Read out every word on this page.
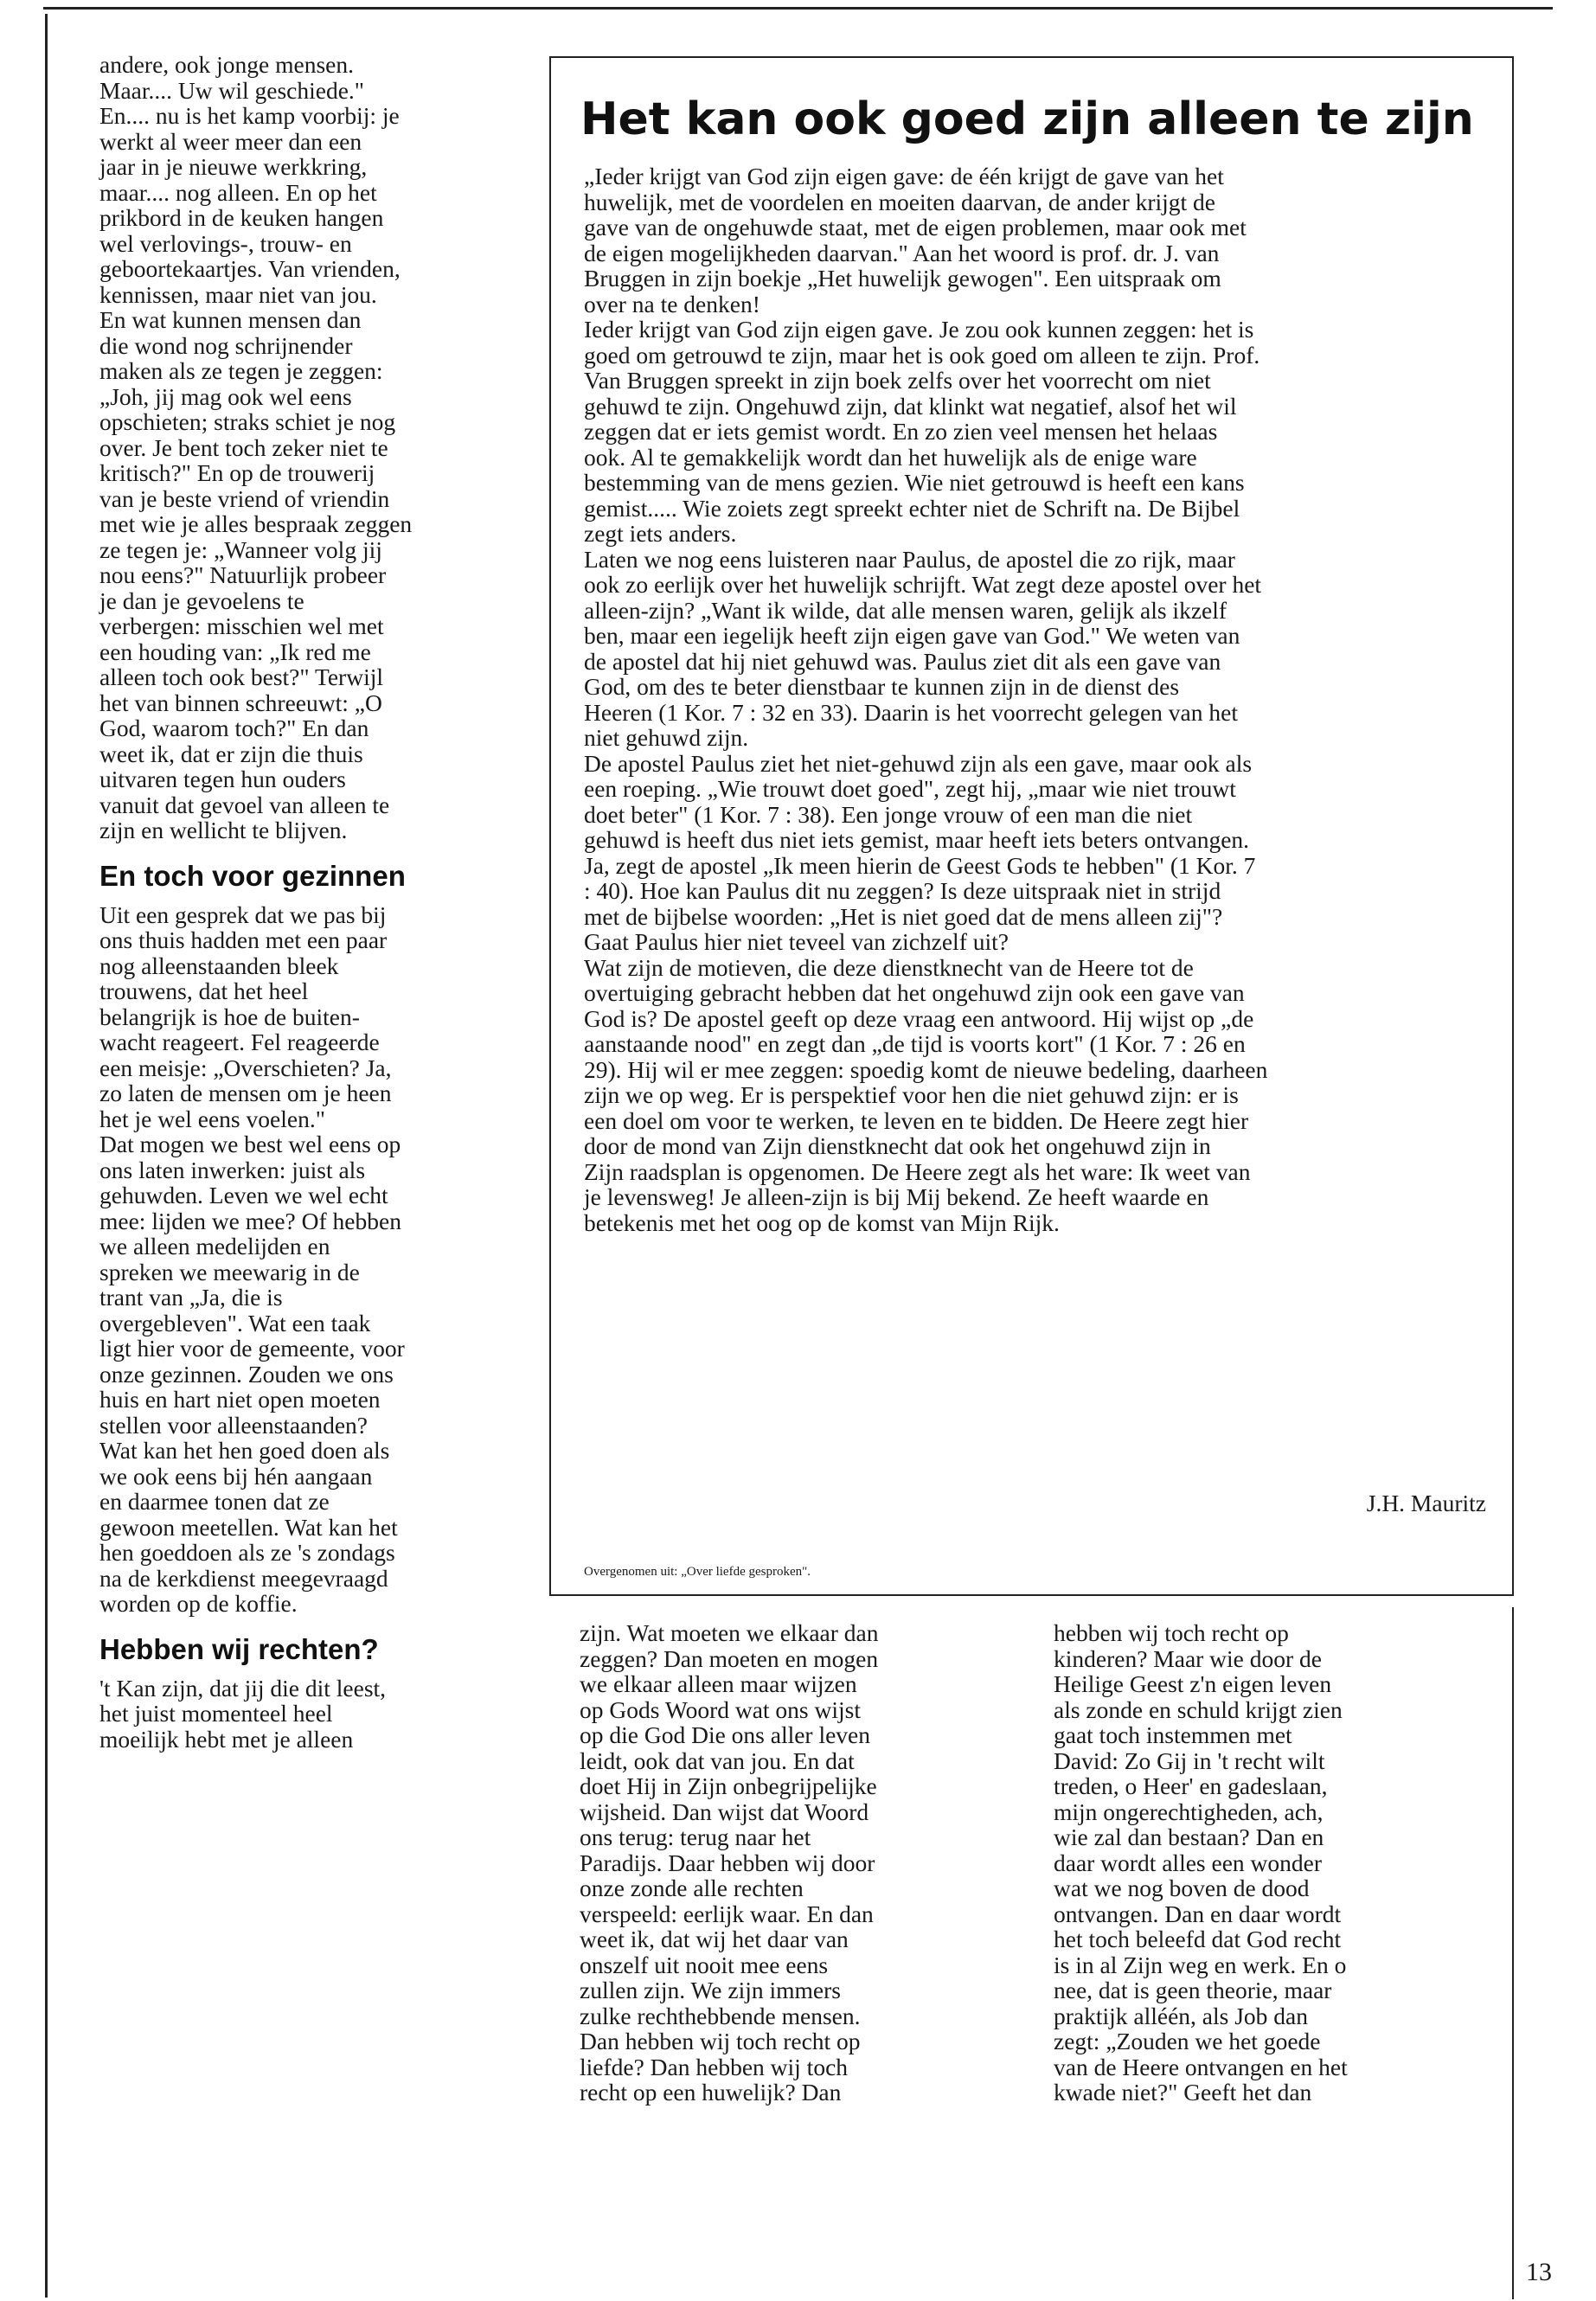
andere, ook jonge mensen.

Maar.... Uw wil geschiede."

En.... nu is het kamp voorbij: je

werkt al weer meer dan een

jaar in je nieuwe werkkring,

maar.... nog alleen. En op het

prikbord in de keuken hangen

wel verlovings-, trouw- en

geboortekaartjes. Van vrienden,

kennissen, maar niet van jou.

En wat kunnen mensen dan

die wond nog schrijnender

maken als ze tegen je zeggen:

„Joh, jij mag ook wel eens

opschieten; straks schiet je nog

over. Je bent toch zeker niet te

kritisch?" En op de trouwerij

van je beste vriend of vriendin

met wie je alles bespraak zeggen

ze tegen je: „Wanneer volg jij

nou eens?" Natuurlijk probeer

je dan je gevoelens te

verbergen: misschien wel met

een houding van: „Ik red me

alleen toch ook best?" Terwijl

het van binnen schreeuwt: „O

God, waarom toch?" En dan

weet ik, dat er zijn die thuis

uitvaren tegen hun ouders

vanuit dat gevoel van alleen te

zijn en wellicht te blijven.

En toch voor gezinnen

Uit een gesprek dat we pas bij

ons thuis hadden met een paar

nog alleenstaanden bleek

trouwens, dat het heel

belangrijk is hoe de buiten-

wacht reageert. Fel reageerde

een meisje: „Overschieten? Ja,

zo laten de mensen om je heen

het je wel eens voelen."

Dat mogen we best wel eens op

ons laten inwerken: juist als

gehuwden. Leven we wel echt

mee: lijden we mee? Of hebben

we alleen medelijden en

spreken we meewarig in de

trant van „Ja, die is

overgebleven". Wat een taak

ligt hier voor de gemeente, voor

onze gezinnen. Zouden we ons

huis en hart niet open moeten

stellen voor alleenstaanden?

Wat kan het hen goed doen als

we ook eens bij hén aangaan

en daarmee tonen dat ze

gewoon meetellen. Wat kan het

hen goeddoen als ze 's zondags

na de kerkdienst meegevraagd

worden op de koffie.

Hebben wij rechten?

't Kan zijn, dat jij die dit leest,

het juist momenteel heel

moeilijk hebt met je alleen

Het kan ook goed zijn alleen te zijn

„Ieder krijgt van God zijn eigen gave: de één krijgt de gave van het

huwelijk, met de voordelen en moeiten daarvan, de ander krijgt de

gave van de ongehuwde staat, met de eigen problemen, maar ook met

de eigen mogelijkheden daarvan." Aan het woord is prof. dr. J. van

Bruggen in zijn boekje „Het huwelijk gewogen". Een uitspraak om

over na te denken!

Ieder krijgt van God zijn eigen gave. Je zou ook kunnen zeggen: het is

goed om getrouwd te zijn, maar het is ook goed om alleen te zijn. Prof.

Van Bruggen spreekt in zijn boek zelfs over het voorrecht om niet

gehuwd te zijn. Ongehuwd zijn, dat klinkt wat negatief, alsof het wil

zeggen dat er iets gemist wordt. En zo zien veel mensen het helaas

ook. Al te gemakkelijk wordt dan het huwelijk als de enige ware

bestemming van de mens gezien. Wie niet getrouwd is heeft een kans

gemist..... Wie zoiets zegt spreekt echter niet de Schrift na. De Bijbel

zegt iets anders.

Laten we nog eens luisteren naar Paulus, de apostel die zo rijk, maar

ook zo eerlijk over het huwelijk schrijft. Wat zegt deze apostel over het

alleen-zijn? „Want ik wilde, dat alle mensen waren, gelijk als ikzelf

ben, maar een iegelijk heeft zijn eigen gave van God." We weten van

de apostel dat hij niet gehuwd was. Paulus ziet dit als een gave van

God, om des te beter dienstbaar te kunnen zijn in de dienst des

Heeren (1 Kor. 7 : 32 en 33). Daarin is het voorrecht gelegen van het

niet gehuwd zijn.

De apostel Paulus ziet het niet-gehuwd zijn als een gave, maar ook als

een roeping. „Wie trouwt doet goed", zegt hij, „maar wie niet trouwt

doet beter" (1 Kor. 7 : 38). Een jonge vrouw of een man die niet

gehuwd is heeft dus niet iets gemist, maar heeft iets beters ontvangen.

Ja, zegt de apostel „Ik meen hierin de Geest Gods te hebben" (1 Kor. 7

: 40). Hoe kan Paulus dit nu zeggen? Is deze uitspraak niet in strijd

met de bijbelse woorden: „Het is niet goed dat de mens alleen zij"?

Gaat Paulus hier niet teveel van zichzelf uit?

Wat zijn de motieven, die deze dienstknecht van de Heere tot de

overtuiging gebracht hebben dat het ongehuwd zijn ook een gave van

God is? De apostel geeft op deze vraag een antwoord. Hij wijst op „de

aanstaande nood" en zegt dan „de tijd is voorts kort" (1 Kor. 7 : 26 en

29). Hij wil er mee zeggen: spoedig komt de nieuwe bedeling, daarheen

zijn we op weg. Er is perspektief voor hen die niet gehuwd zijn: er is

een doel om voor te werken, te leven en te bidden. De Heere zegt hier

door de mond van Zijn dienstknecht dat ook het ongehuwd zijn in

Zijn raadsplan is opgenomen. De Heere zegt als het ware: Ik weet van

je levensweg! Je alleen-zijn is bij Mij bekend. Ze heeft waarde en

betekenis met het oog op de komst van Mijn Rijk.

J.H. Mauritz
Overgenomen uit: „Over liefde gesproken".

zijn. Wat moeten we elkaar dan

zeggen? Dan moeten en mogen

we elkaar alleen maar wijzen

op Gods Woord wat ons wijst

op die God Die ons aller leven

leidt, ook dat van jou. En dat

doet Hij in Zijn onbegrijpelijke

wijsheid. Dan wijst dat Woord

ons terug: terug naar het

Paradijs. Daar hebben wij door

onze zonde alle rechten

verspeeld: eerlijk waar. En dan

weet ik, dat wij het daar van

onszelf uit nooit mee eens

zullen zijn. We zijn immers

zulke rechthebbende mensen.

Dan hebben wij toch recht op

liefde? Dan hebben wij toch

recht op een huwelijk? Dan

hebben wij toch recht op

kinderen? Maar wie door de

Heilige Geest z'n eigen leven

als zonde en schuld krijgt zien

gaat toch instemmen met

David: Zo Gij in 't recht wilt

treden, o Heer' en gadeslaan,

mijn ongerechtigheden, ach,

wie zal dan bestaan? Dan en

daar wordt alles een wonder

wat we nog boven de dood

ontvangen. Dan en daar wordt

het toch beleefd dat God recht

is in al Zijn weg en werk. En o

nee, dat is geen theorie, maar

praktijk alléén, als Job dan

zegt: „Zouden we het goede

van de Heere ontvangen en het

kwade niet?" Geeft het dan

13
